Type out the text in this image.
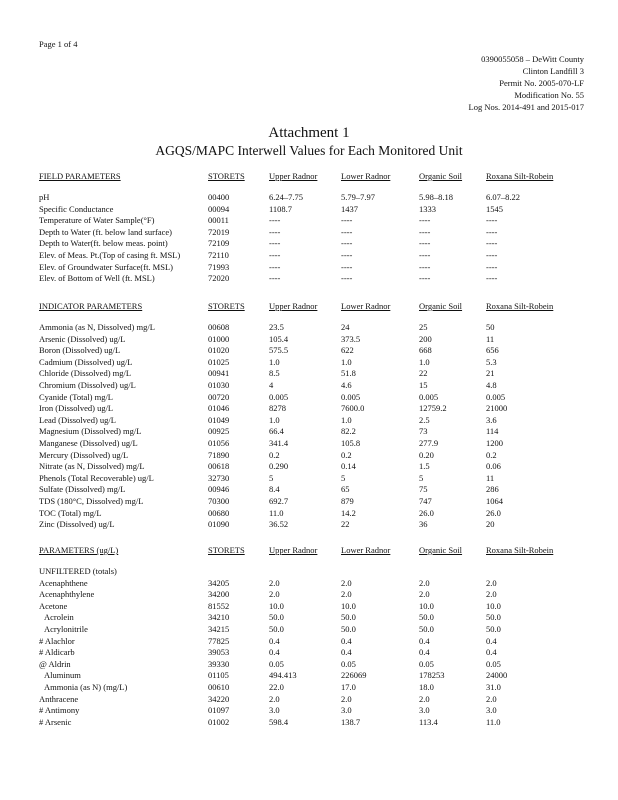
Page 1 of 4
0390055058 – DeWitt County
Clinton Landfill 3
Permit No. 2005-070-LF
Modification No. 55
Log Nos. 2014-491 and 2015-017
Attachment 1
AGQS/MAPC Interwell Values for Each Monitored Unit
FIELD PARAMETERS	STORETS	Upper Radnor	Lower Radnor	Organic Soil	Roxana Silt-Robein
pH	00400	6.24–7.75	5.79–7.97	5.98–8.18	6.07–8.22
Specific Conductance	00094	1108.7	1437	1333	1545
Temperature of Water Sample(°F)	00011	----	----	----	----
Depth to Water (ft. below land surface)	72019	----	----	----	----
Depth to Water(ft. below meas. point)	72109	----	----	----	----
Elev. of Meas. Pt.(Top of casing ft. MSL)	72110	----	----	----	----
Elev. of Groundwater Surface(ft. MSL)	71993	----	----	----	----
Elev. of Bottom of Well (ft. MSL)	72020	----	----	----	----
INDICATOR PARAMETERS	STORETS	Upper Radnor	Lower Radnor	Organic Soil	Roxana Silt-Robein
Ammonia (as N, Dissolved) mg/L	00608	23.5	24	25	50
Arsenic (Dissolved) ug/L	01000	105.4	373.5	200	11
Boron (Dissolved) ug/L	01020	575.5	622	668	656
Cadmium (Dissolved) ug/L	01025	1.0	1.0	1.0	5.3
Chloride (Dissolved) mg/L	00941	8.5	51.8	22	21
Chromium (Dissolved) ug/L	01030	4	4.6	15	4.8
Cyanide (Total) mg/L	00720	0.005	0.005	0.005	0.005
Iron (Dissolved) ug/L	01046	8278	7600.0	12759.2	21000
Lead (Dissolved) ug/L	01049	1.0	1.0	2.5	3.6
Magnesium (Dissolved) mg/L	00925	66.4	82.2	73	114
Manganese (Dissolved) ug/L	01056	341.4	105.8	277.9	1200
Mercury (Dissolved) ug/L	71890	0.2	0.2	0.20	0.2
Nitrate (as N, Dissolved) mg/L	00618	0.290	0.14	1.5	0.06
Phenols (Total Recoverable) ug/L	32730	5	5	5	11
Sulfate (Dissolved) mg/L	00946	8.4	65	75	286
TDS (180°C, Dissolved) mg/L	70300	692.7	879	747	1064
TOC (Total) mg/L	00680	11.0	14.2	26.0	26.0
Zinc (Dissolved) ug/L	01090	36.52	22	36	20
PARAMETERS (ug/L)	STORETS	Upper Radnor	Lower Radnor	Organic Soil	Roxana Silt-Robein
UNFILTERED (totals)
Acenaphthene	34205	2.0	2.0	2.0	2.0
Acenaphthylene	34200	2.0	2.0	2.0	2.0
Acetone	81552	10.0	10.0	10.0	10.0
Acrolein	34210	50.0	50.0	50.0	50.0
Acrylonitrile	34215	50.0	50.0	50.0	50.0
# Alachlor	77825	0.4	0.4	0.4	0.4
# Aldicarb	39053	0.4	0.4	0.4	0.4
@ Aldrin	39330	0.05	0.05	0.05	0.05
Aluminum	01105	494.413	226069	178253	24000
Ammonia (as N) (mg/L)	00610	22.0	17.0	18.0	31.0
Anthracene	34220	2.0	2.0	2.0	2.0
# Antimony	01097	3.0	3.0	3.0	3.0
# Arsenic	01002	598.4	138.7	113.4	11.0
